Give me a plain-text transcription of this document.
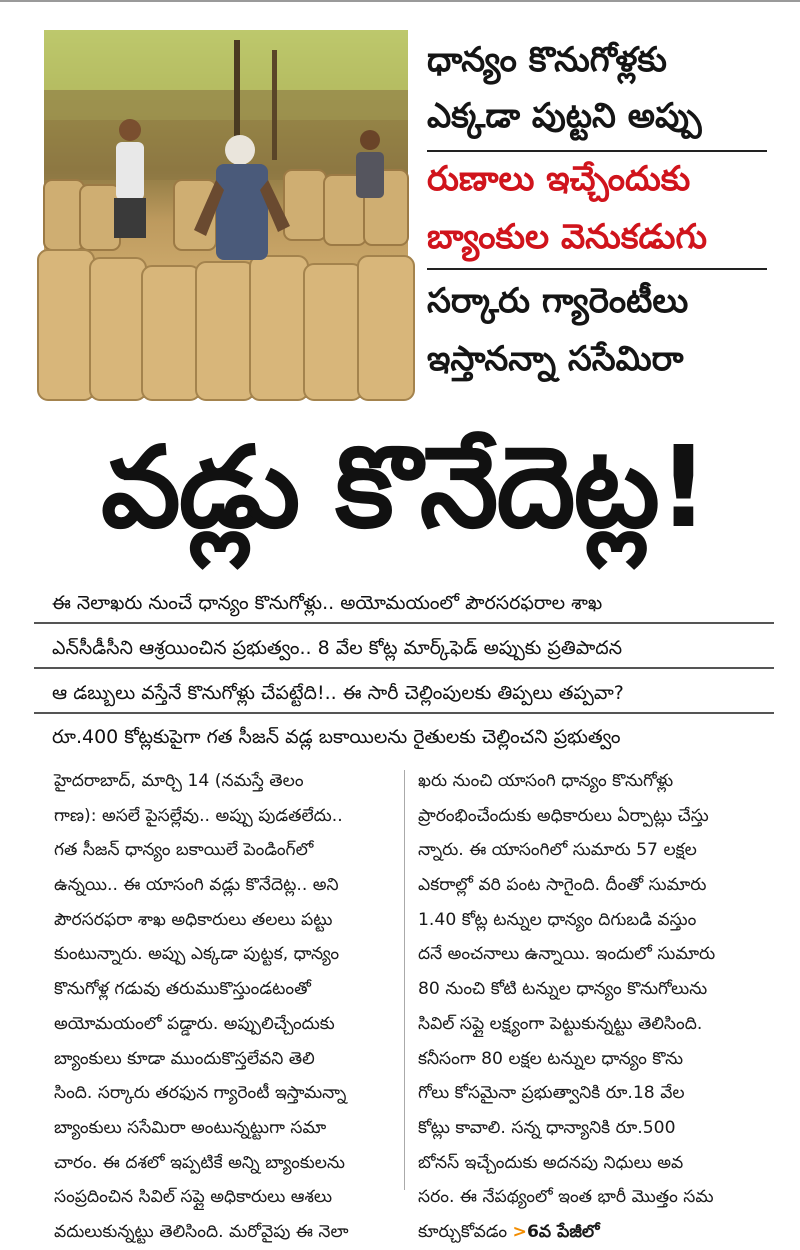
ధాన్యం కొనుగోళ్లకు
ఎక్కడా పుట్టని అప్పు
రుణాలు ఇచ్చేందుకు
బ్యాంకుల వెనుకడుగు
సర్కారు గ్యారెంటీలు
ఇస్తానన్నా ససేమిరా
వడ్లు కొనేదెట్ల!
ఈ నెలాఖరు నుంచే ధాన్యం కొనుగోళ్లు.. అయోమయంలో పౌరసరఫరాల శాఖ
ఎన్‌సీడీసీని ఆశ్రయించిన ప్రభుత్వం.. 8 వేల కోట్ల మార్క్‌ఫెడ్ అప్పుకు ప్రతిపాదన
ఆ డబ్బులు వస్తేనే కొనుగోళ్లు చేపట్టేది!.. ఈ సారీ చెల్లింపులకు తిప్పలు తప్పవా?
రూ.400 కోట్లకుపైగా గత సీజన్ వడ్ల బకాయిలను రైతులకు చెల్లించని ప్రభుత్వం
హైదరాబాద్, మార్చి 14 (నమస్తే తెలం
గాణ): అసలే పైసల్లేవు.. అప్పు పుడతలేదు..
గత సీజన్ ధాన్యం బకాయిలే పెండింగ్‌లో
ఉన్నయి.. ఈ యాసంగి వడ్లు కొనేదెట్ల.. అని
పౌరసరఫరా శాఖ అధికారులు తలలు పట్టు
కుంటున్నారు. అప్పు ఎక్కడా పుట్టక, ధాన్యం
కొనుగోళ్ల గడువు తరుముకొస్తుండటంతో
అయోమయంలో పడ్డారు. అప్పులిచ్చేందుకు
బ్యాంకులు కూడా ముందుకొస్తలేవని తెలి
సింది. సర్కారు తరఫున గ్యారెంటీ ఇస్తామన్నా
బ్యాంకులు ససేమిరా అంటున్నట్టుగా సమా
చారం. ఈ దశలో ఇప్పటికే అన్ని బ్యాంకులను
సంప్రదించిన సివిల్ సప్లై అధికారులు ఆశలు
వదులుకున్నట్టు తెలిసింది. మరోవైపు ఈ నెలా
ఖరు నుంచి యాసంగి ధాన్యం కొనుగోళ్లు
ప్రారంభించేందుకు అధికారులు ఏర్పాట్లు చేస్తు
న్నారు. ఈ యాసంగిలో సుమారు 57 లక్షల
ఎకరాల్లో వరి పంట సాగైంది. దీంతో సుమారు
1.40 కోట్ల టన్నుల ధాన్యం దిగుబడి వస్తుం
దనే అంచనాలు ఉన్నాయి. ఇందులో సుమారు
80 నుంచి కోటి టన్నుల ధాన్యం కొనుగోలును
సివిల్ సప్లై లక్ష్యంగా పెట్టుకున్నట్టు తెలిసింది.
కనీసంగా 80 లక్షల టన్నుల ధాన్యం కొను
గోలు కోసమైనా ప్రభుత్వానికి రూ.18 వేల
కోట్లు కావాలి. సన్న ధాన్యానికి రూ.500
బోనస్ ఇచ్చేందుకు అదనపు నిధులు అవ
సరం. ఈ నేపథ్యంలో ఇంత భారీ మొత్తం సమ
కూర్చుకోవడం >6వ పేజీలో
